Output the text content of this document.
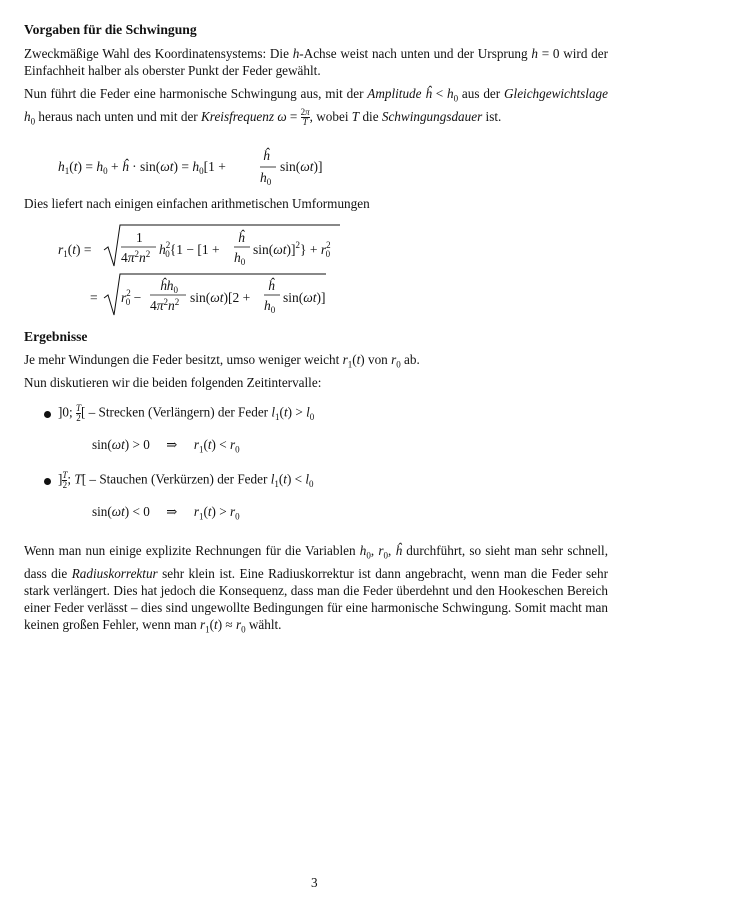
Vorgaben für die Schwingung
Zweckmäßige Wahl des Koordinatensystems: Die h-Achse weist nach unten und der Ursprung h = 0 wird der Einfachheit halber als oberster Punkt der Feder gewählt.
Nun führt die Feder eine harmonische Schwingung aus, mit der Amplitude ĥ < $h_0$ aus der Gleichgewichtslage $h_0$ heraus nach unten und mit der Kreisfrequenz $\omega = \frac{2\pi}{T}$ , wobei T die Schwingungsdauer ist.
$h_1(t) = h_0$ + ĥ · $\sin(\omega t) = h_0[1$ +
ĥ
$h_0$
sin(ωt)]
Dies liefert nach einigen einfachen arithmetischen Umformungen
$r_1(t)$ =
1
$4\pi^2n^2$ $h^2$ 0{1 − [1 +
ĥ
$h_0$
$\sin(\omega t)]^2\} + r^2$ 0
= $r^2$ 0 −
$ĥh_0$
$4\pi^2n^2$ sin(ωt)[2 +
ĥ
$h_0$
sin(ωt)]
Ergebnisse
Je mehr Windungen die Feder besitzt, umso weniger weicht $r_1(t)$ von $r_0$ ab.
Nun diskutieren wir die beiden folgenden Zeitintervalle:
]0; $\frac{T}{2}$ [ – Strecken (Verlängern) der Feder $l_1(t) > l_0$
sin(ωt) > 0     ⇒     $r_1(t) < r_0$
] $\frac{T}{2}$ ; T[ – Stauchen (Verkürzen) der Feder $l_1(t) < l_0$
sin(ωt) < 0     ⇒     $r_1(t) > r_0$
Wenn man nun einige explizite Rechnungen für die Variablen $h_0$, $r_0$, ĥ durchführt, so sieht man sehr schnell, dass die Radiuskorrektur sehr klein ist. Eine Radiuskorrektur ist dann angebracht, wenn man die Feder sehr stark verlängert. Dies hat jedoch die Konsequenz, dass man die Feder überdehnt und den Hookeschen Bereich einer Feder verlässt – dies sind ungewollte Bedingungen für eine harmonische Schwingung. Somit macht man keinen großen Fehler, wenn man $r_1(t) \approx r_0$ wählt.
3
